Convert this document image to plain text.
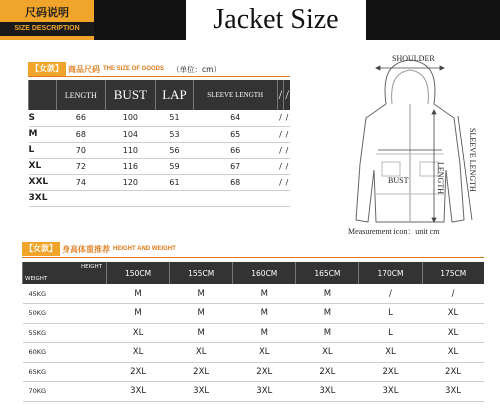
尺码说明
SIZE DESCRIPTION	Jacket Size
【女款】 商品尺码 THE SIZE OF GOODS （单位：cm）
	LENGTH	BUST	LAP	SLEEVE LENGTH	/	/
S	66	100	51	64	/	/
M	68	104	53	65	/	/
L	70	110	56	66	/	/
XL	72	116	59	67	/	/
XXL	74	120	61	68	/	/
3XL						
SHOULDER
SLEEVE LENGTH
LENGTH
BUST
Measurement icon：unit cm
【女款】 身高体重推荐 HEIGHT AND WEIGHT
HEIGHT
WEIGHT	150CM	155CM	160CM	165CM	170CM	175CM
45KG	M	M	M	M	/	/
50KG	M	M	M	M	L	XL
55KG	XL	M	M	M	L	XL
60KG	XL	XL	XL	XL	XL	XL
65KG	2XL	2XL	2XL	2XL	2XL	2XL
70KG	3XL	3XL	3XL	3XL	3XL	3XL
